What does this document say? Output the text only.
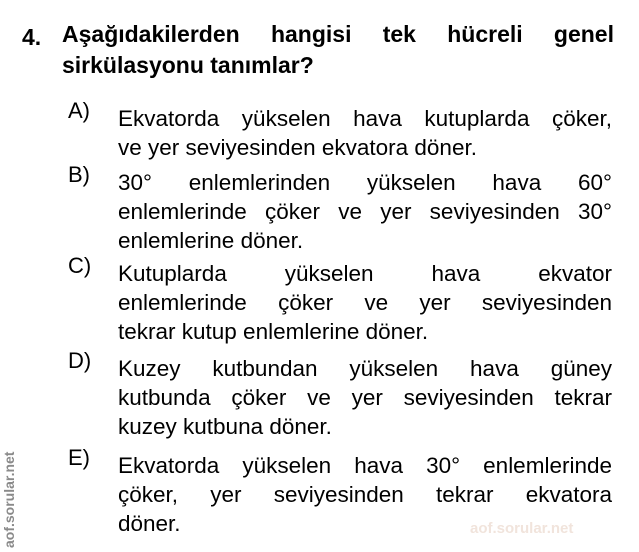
4. Aşağıdakilerden hangisi tek hücreli genel
sirkülasyonu tanımlar?
A) Ekvatorda yükselen hava kutuplarda çöker,
ve yer seviyesinden ekvatora döner.
B) 30° enlemlerinden yükselen hava 60°
enlemlerinde çöker ve yer seviyesinden 30°
enlemlerine döner.
C) Kutuplarda yükselen hava ekvator
enlemlerinde çöker ve yer seviyesinden
tekrar kutup enlemlerine döner.
D) Kuzey kutbundan yükselen hava güney
kutbunda çöker ve yer seviyesinden tekrar
kuzey kutbuna döner.
E) Ekvatorda yükselen hava 30° enlemlerinde
çöker, yer seviyesinden tekrar ekvatora
döner.	aof.sorular.net
aof.sorular.net
